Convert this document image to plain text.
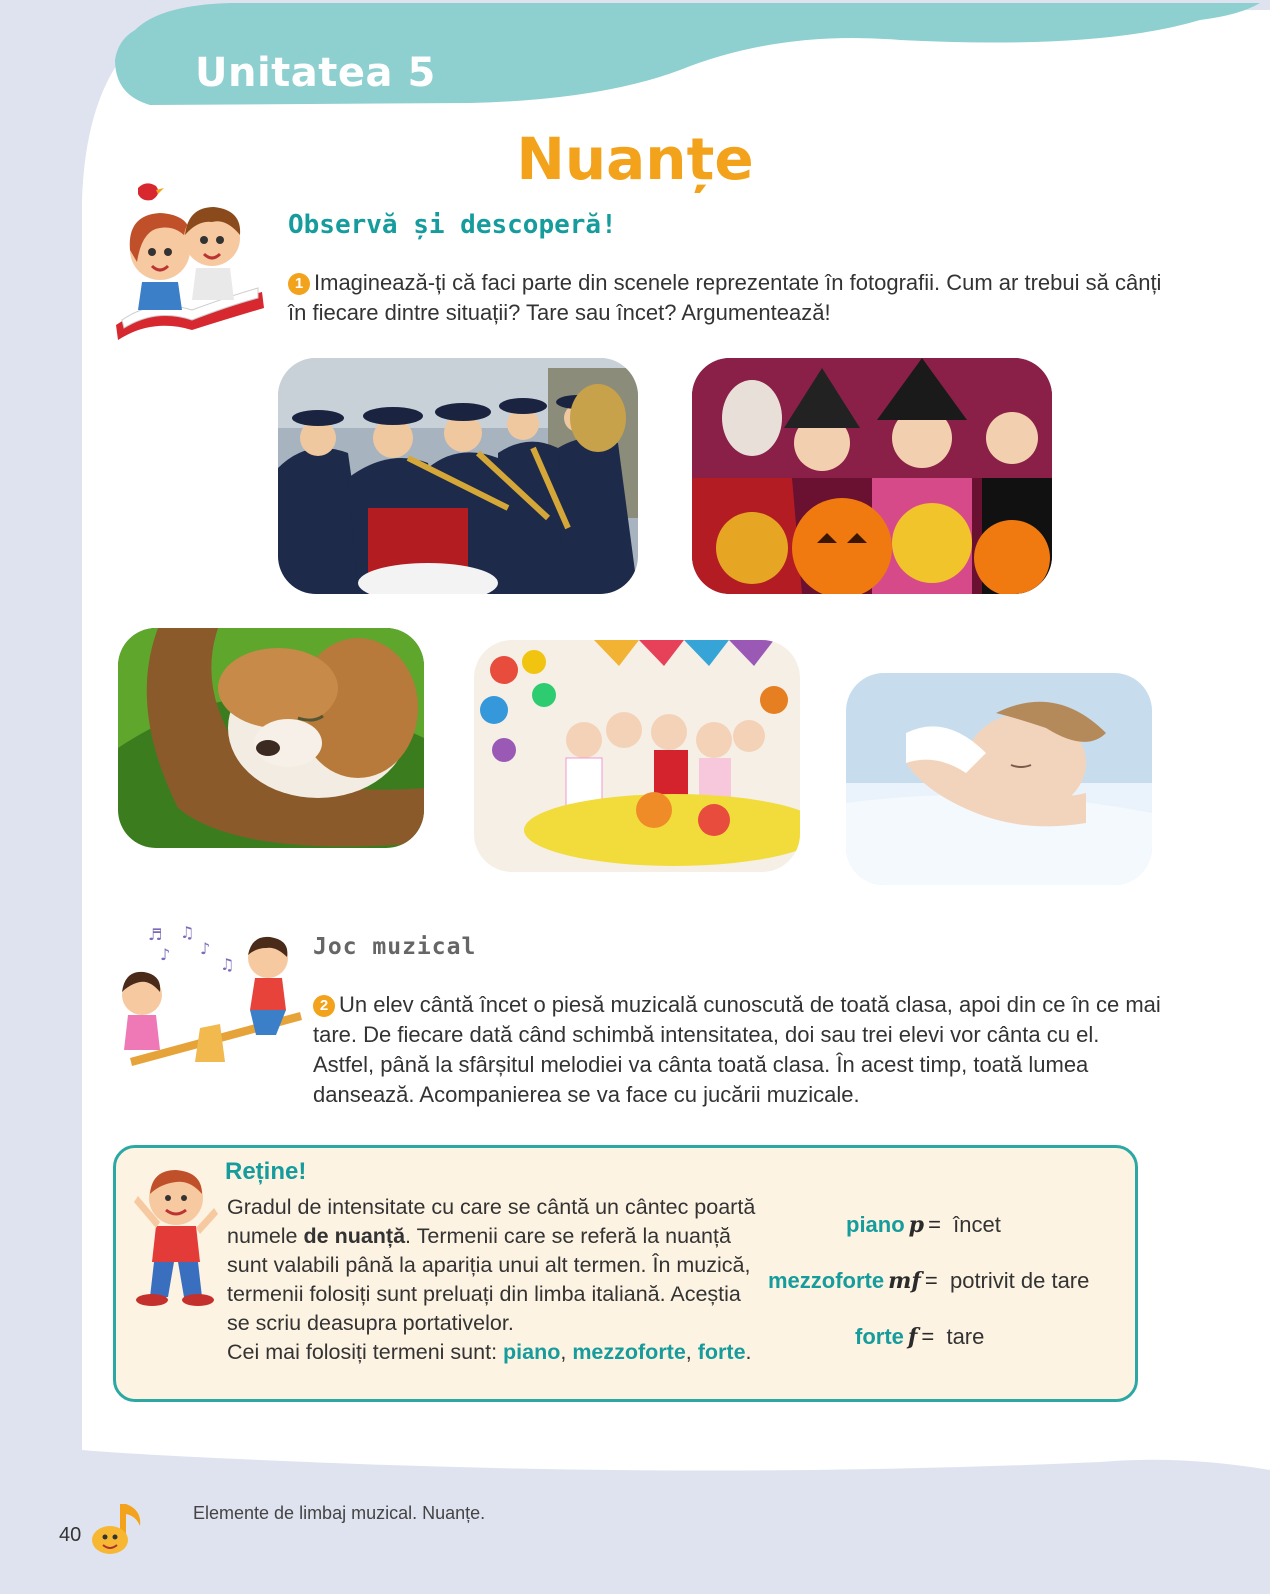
Unitatea 5
Nuanțe
Observă și descoperă!
1 Imaginează-ți că faci parte din scenele reprezentate în fotografii. Cum ar trebui să cânți în fiecare dintre situații? Tare sau încet? Argumentează!
♪
♫
♪
♬
♫
Joc muzical
2 Un elev cântă încet o piesă muzicală cunoscută de toată clasa, apoi din ce în ce mai tare. De fiecare dată când schimbă intensitatea, doi sau trei elevi vor cânta cu el. Astfel, până la sfârșitul melodiei va cânta toată clasa. În acest timp, toată lumea dansează. Acompanierea se va face cu jucării muzicale.
Reține!
Gradul de intensitate cu care se cântă un cântec poartă numele de nuanță. Termenii care se referă la nuanță sunt valabili până la apariția unui alt termen. În muzică, termenii folosiți sunt preluați din limba italiană. Aceștia se scriu deasupra portativelor.
Cei mai folosiți termeni sunt: piano, mezzoforte, forte.
piano p = încet
mezzoforte mf = potrivit de tare
forte f = tare
Elemente de limbaj muzical. Nuanțe.
40
